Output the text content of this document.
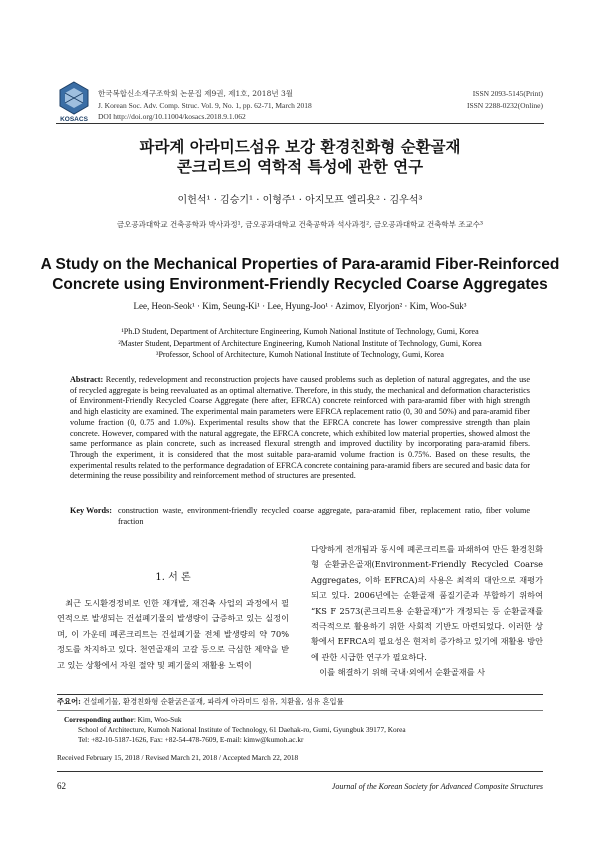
KOSACS
한국복합신소재구조학회 논문집 제9권, 제1호, 2018년 3월
J. Korean Soc. Adv. Comp. Struc. Vol. 9, No. 1, pp. 62-71, March 2018
DOI http://doi.org/10.11004/kosacs.2018.9.1.062
ISSN 2093-5145(Print)
ISSN 2288-0232(Online)
파라계 아라미드섬유 보강 환경친화형 순환골재
콘크리트의 역학적 특성에 관한 연구
이헌석¹ · 김승기¹ · 이형주¹ · 아지모프 엘리욧² · 김우석³
금오공과대학교 건축공학과 박사과정¹, 금오공과대학교 건축공학과 석사과정², 금오공과대학교 건축학부 조교수³
A Study on the Mechanical Properties of Para-aramid Fiber-Reinforced
Concrete using Environment-Friendly Recycled Coarse Aggregates
Lee, Heon-Seok¹ · Kim, Seung-Ki¹ · Lee, Hyung-Joo¹ · Azimov, Elyorjon² · Kim, Woo-Suk³
¹Ph.D Student, Department of Architecture Engineering, Kumoh National Institute of Technology, Gumi, Korea
²Master Student, Department of Architecture Engineering, Kumoh National Institute of Technology, Gumi, Korea
³Professor, School of Architecture, Kumoh National Institute of Technology, Gumi, Korea
Abstract: Recently, redevelopment and reconstruction projects have caused problems such as depletion of natural aggregates, and the use of recycled aggregate is being reevaluated as an optimal alternative. Therefore, in this study, the mechanical and deformation characteristics of Environment-Friendly Recycled Coarse Aggregate (here after, EFRCA) concrete reinforced with para-aramid fiber with high strength and high elasticity are examined. The experimental main parameters were EFRCA replacement ratio (0, 30 and 50%) and para-aramid fiber volume fraction (0, 0.75 and 1.0%). Experimental results show that the EFRCA concrete has lower compressive strength than plain concrete. However, compared with the natural aggregate, the EFRCA concrete, which exhibited low material properties, showed almost the same performance as plain concrete, such as increased flexural strength and improved ductility by incorporating para-aramid fibers. Through the experiment, it is considered that the most suitable para-aramid volume fraction is 0.75%. Based on these results, the experimental results related to the performance degradation of EFRCA concrete containing para-aramid fibers are secured and basic data for determining the reuse possibility and reinforcement method of structures are presented.
Key Words: construction waste, environment-friendly recycled coarse aggregate, para-aramid fiber, replacement ratio, fiber volume fraction
1. 서 론
최근 도시환경정비로 인한 재개발, 재건축 사업의 과정에서 필연적으로 발생되는 건설폐기물의 발생량이 급증하고 있는 실정이며, 이 가운데 폐콘크리트는 건설폐기물 전체 발생량의 약 70% 정도를 차지하고 있다. 천연골재의 고갈 등으로 극심한 제약을 받고 있는 상황에서 자원 절약 및 폐기물의 재활용 노력이
다양하게 전개됨과 동시에 폐콘크리트를 파쇄하여 만든 환경친화형 순환굵은골재(Environment-Friendly Recycled Coarse Aggregates, 이하 EFRCA)의 사용은 최적의 대안으로 재평가되고 있다. 2006년에는 순환골재 품질기준과 부합하기 위하여 “KS F 2573(콘크리트용 순환골재)”가 개정되는 등 순환골재를 적극적으로 활용하기 위한 사회적 기반도 마련되었다. 이러한 상황에서 EFRCA의 필요성은 현저히 증가하고 있기에 재활용 방안에 관한 시급한 연구가 필요하다.
이를 해결하기 위해 국내·외에서 순환골재를 사
주요어: 건설폐기물, 환경친화형 순환굵은골재, 파라계 아라미드 섬유, 치환율, 섬유 혼입률
Corresponding author: Kim, Woo-Suk
School of Architecture, Kumoh National Institute of Technology, 61 Daehak-ro, Gumi, Gyungbuk 39177, Korea
Tel: +82-10-5187-1626, Fax: +82-54-478-7609, E-mail: kimw@kumoh.ac.kr
Received February 15, 2018 / Revised March 21, 2018 / Accepted March 22, 2018
62	Journal of the Korean Society for Advanced Composite Structures
